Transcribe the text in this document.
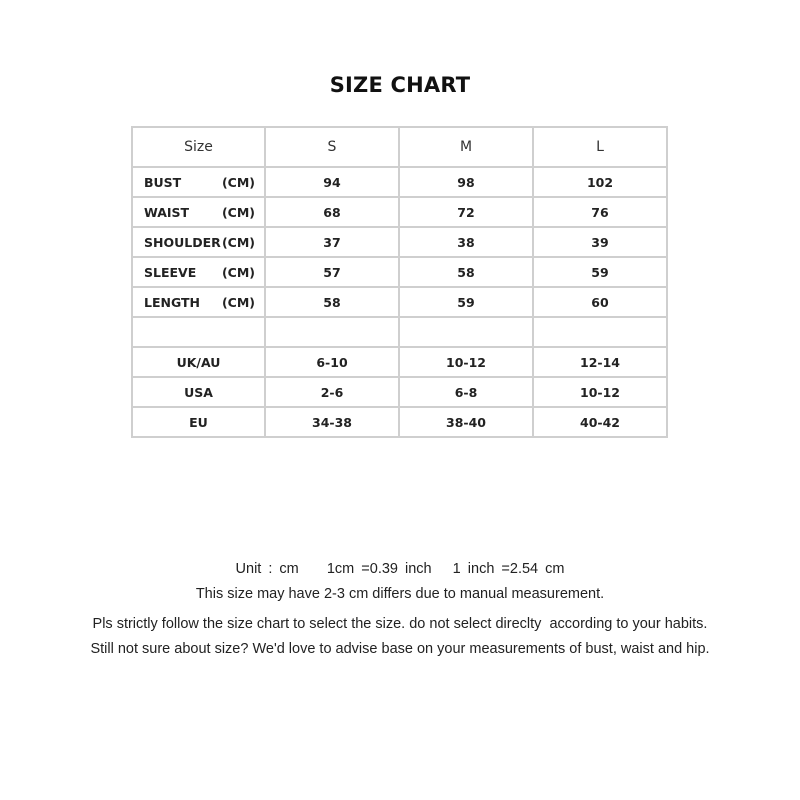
SIZE CHART
Size	S	M	L

BUST (CM)	94	98	102

WAIST (CM)	68	72	76

SHOULDER (CM)	37	38	39

SLEEVE (CM)	57	58	59

LENGTH (CM)	58	59	60

UK/AU	6-10	10-12	12-14
USA	2-6	6-8	10-12
EU	34-38	38-40	40-42
Unit : cm    1cm =0.39 inch   1 inch =2.54 cm
This size may have 2-3 cm differs due to manual measurement.
Pls strictly follow the size chart to select the size. do not select direclty  according to your habits.
Still not sure about size? We'd love to advise base on your measurements of bust, waist and hip.
